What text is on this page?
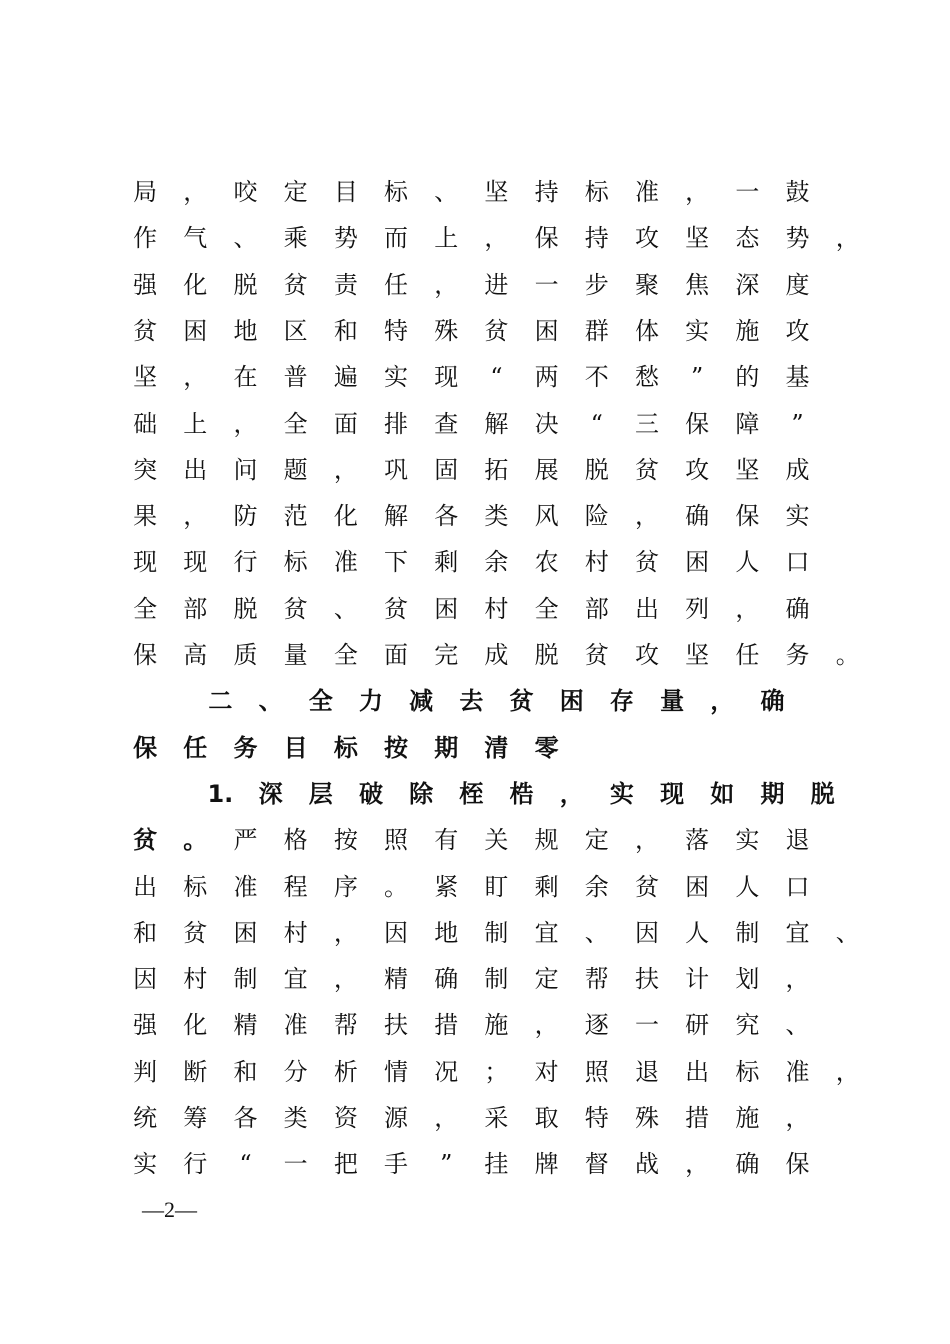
局	，	咬	定	目	标	、	坚	持	标	准	，	一	鼓
作	气	、	乘	势	而	上	，	保	持	攻	坚	态	势	，
强	化	脱	贫	责	任	，	进	一	步	聚	焦	深	度
贫	困	地	区	和	特	殊	贫	困	群	体	实	施	攻
坚	，	在	普	遍	实	现	“	两	不	愁	”	的	基
础	上	，	全	面	排	查	解	决	“	三	保	障	”
突	出	问	题	，	巩	固	拓	展	脱	贫	攻	坚	成
果	，	防	范	化	解	各	类	风	险	，	确	保	实
现	现	行	标	准	下	剩	余	农	村	贫	困	人	口
全	部	脱	贫	、	贫	困	村	全	部	出	列	，	确
保	高	质	量	全	面	完	成	脱	贫	攻	坚	任	务	。
二	、	全	力	减	去	贫	困	存	量	，	确
保	任	务	目	标	按	期	清	零
1.	深	层	破	除	桎	梏	，	实	现	如	期	脱
贫	。	严	格	按	照	有	关	规	定	，	落	实	退
出	标	准	程	序	。	紧	盯	剩	余	贫	困	人	口
和	贫	困	村	，	因	地	制	宜	、	因	人	制	宜	、
因	村	制	宜	，	精	确	制	定	帮	扶	计	划	，
强	化	精	准	帮	扶	措	施	，	逐	一	研	究	、
判	断	和	分	析	情	况	；	对	照	退	出	标	准	，
统	筹	各	类	资	源	，	采	取	特	殊	措	施	，
实	行	“	一	把	手	”	挂	牌	督	战	，	确	保
—2—
